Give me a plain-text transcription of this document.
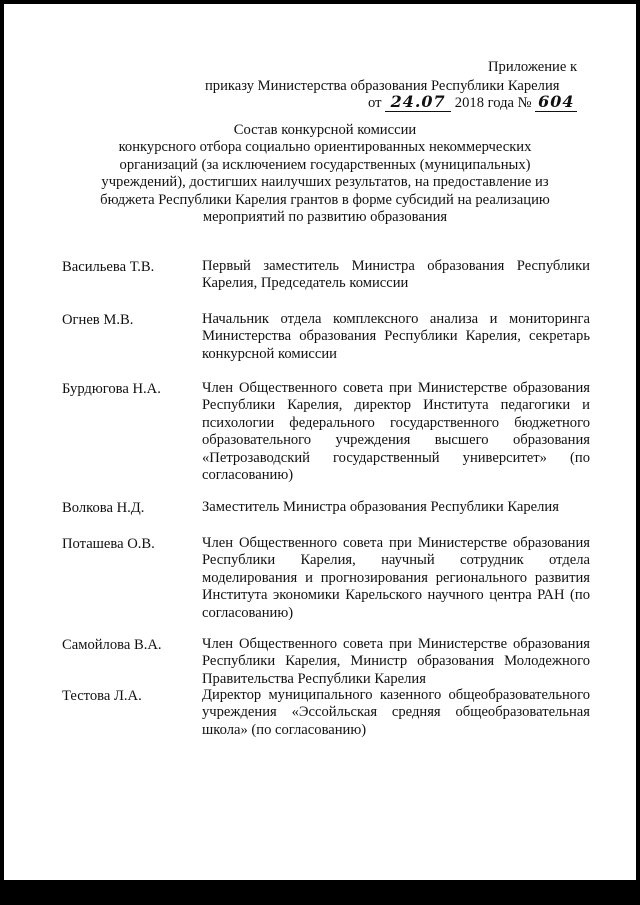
Приложение к
приказу Министерства образования Республики Карелия
от 24.07 2018 года № 604
Состав конкурсной комиссии
конкурсного отбора социально ориентированных некоммерческих
организаций (за исключением государственных (муниципальных)
учреждений), достигших наилучших результатов, на предоставление из
бюджета Республики Карелия грантов в форме субсидий на реализацию
мероприятий по развитию образования
Васильева Т.В.	Первый заместитель Министра образования Республики Карелия, Председатель комиссии
Огнев М.В.	Начальник отдела комплексного анализа и мониторинга Министерства образования Республики Карелия, секретарь конкурсной комиссии
Бурдюгова Н.А.	Член Общественного совета при Министерстве образования Республики Карелия, директор Института педагогики и психологии федерального государственного бюджетного образовательного учреждения высшего образования «Петрозаводский государственный университет» (по согласованию)
Волкова Н.Д.	Заместитель Министра образования Республики Карелия
Поташева О.В.	Член Общественного совета при Министерстве образования Республики Карелия, научный сотрудник отдела моделирования и прогнозирования регионального развития Института экономики Карельского научного центра РАН (по согласованию)
Самойлова В.А.	Член Общественного совета при Министерстве образования Республики Карелия, Министр образования Молодежного Правительства Республики Карелия
Тестова Л.А.	Директор муниципального казенного общеобразовательного учреждения «Эссойльская средняя общеобразовательная школа» (по согласованию)
